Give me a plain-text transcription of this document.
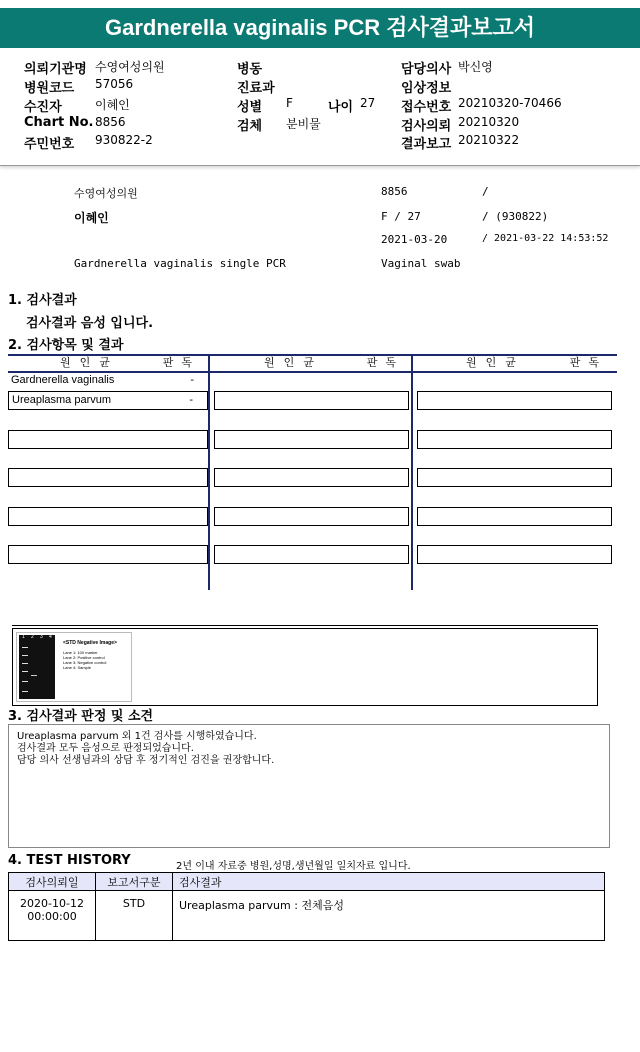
Gardnerella vaginalis PCR 검사결과보고서
의뢰기관명 수영여성의원
병원코드 57056
수진자	이혜인
Chart No. 8856
주민번호 930822-2
병동
진료과
성별 F	나이 27
검체 분비물
담당의사 박신영
임상정보
접수번호 20210320-70466
검사의뢰 20210320
결과보고 20210322
수영여성의원	8856	/
이혜인	F / 27	/ (930822)
2021-03-20	/ 2021-03-22 14:53:52
Gardnerella vaginalis single PCR	Vaginal swab
1. 검사결과
검사결과 음성 입니다.
2. 검사항목 및 결과
원인균	판독	원인균	판독	원인균	판독
Gardnerella vaginalis	-
Ureaplasma parvum	-
1 2 3 4
<STD Negative Image>
Lane 1: 100 marker
Lane 2: Positive control
Lane 3: Negative control
Lane 4: Sample
3. 검사결과 판정 및 소견
Ureaplasma parvum 외 1건 검사를 시행하였습니다.
검사결과 모두 음성으로 판정되었습니다.
담당 의사 선생님과의 상담 후 정기적인 검진을 권장합니다.
4. TEST HISTORY	2년 이내 자료중 병원,성명,생년월일 일치자료 입니다.
검사의뢰일	보고서구분	검사결과

2020-10-12
00:00:00	STD	Ureaplasma parvum : 전체음성
